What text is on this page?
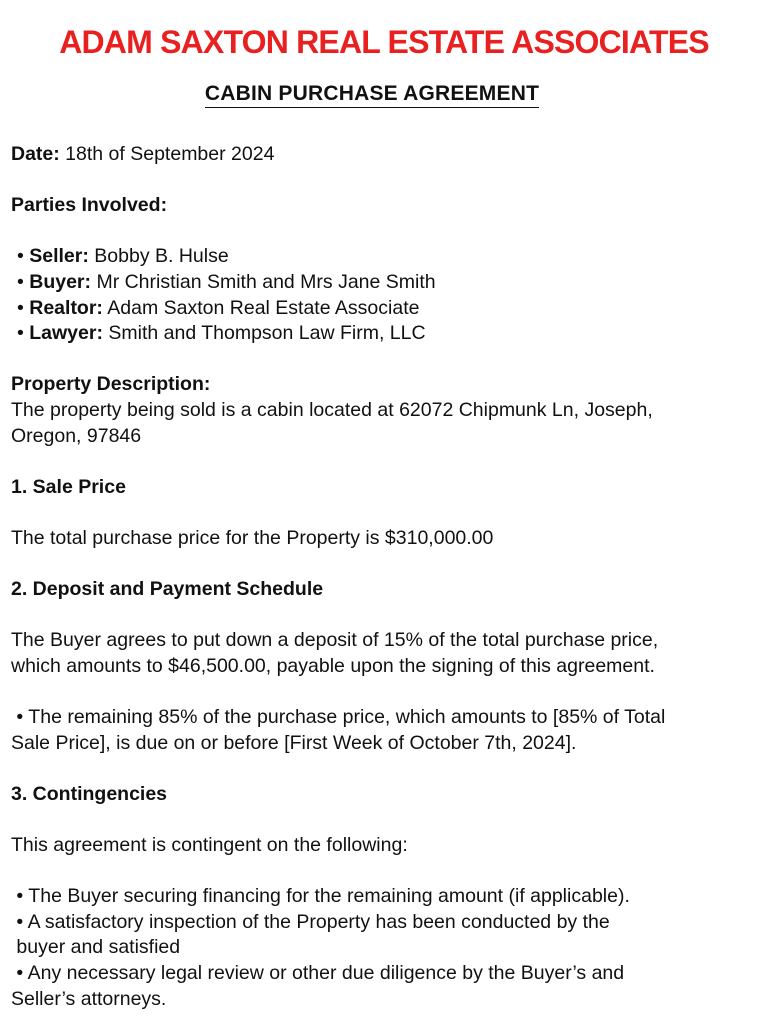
ADAM SAXTON REAL ESTATE ASSOCIATES
CABIN PURCHASE AGREEMENT

Date: 18th of September 2024

Parties Involved:

• Seller: Bobby B. Hulse
• Buyer: Mr Christian Smith and Mrs Jane Smith
• Realtor: Adam Saxton Real Estate Associate
• Lawyer: Smith and Thompson Law Firm, LLC

Property Description:

The property being sold is a cabin located at 62072 Chipmunk Ln, Joseph,

Oregon, 97846

1. Sale Price

The total purchase price for the Property is $310,000.00

2. Deposit and Payment Schedule

The Buyer agrees to put down a deposit of 15% of the total purchase price,

which amounts to $46,500.00, payable upon the signing of this agreement.

• The remaining 85% of the purchase price, which amounts to [85% of Total

Sale Price], is due on or before [First Week of October 7th, 2024].

3. Contingencies

This agreement is contingent on the following:

• The Buyer securing financing for the remaining amount (if applicable).

• A satisfactory inspection of the Property has been conducted by the

buyer and satisfied

• Any necessary legal review or other due diligence by the Buyer’s and

Seller’s attorneys.
